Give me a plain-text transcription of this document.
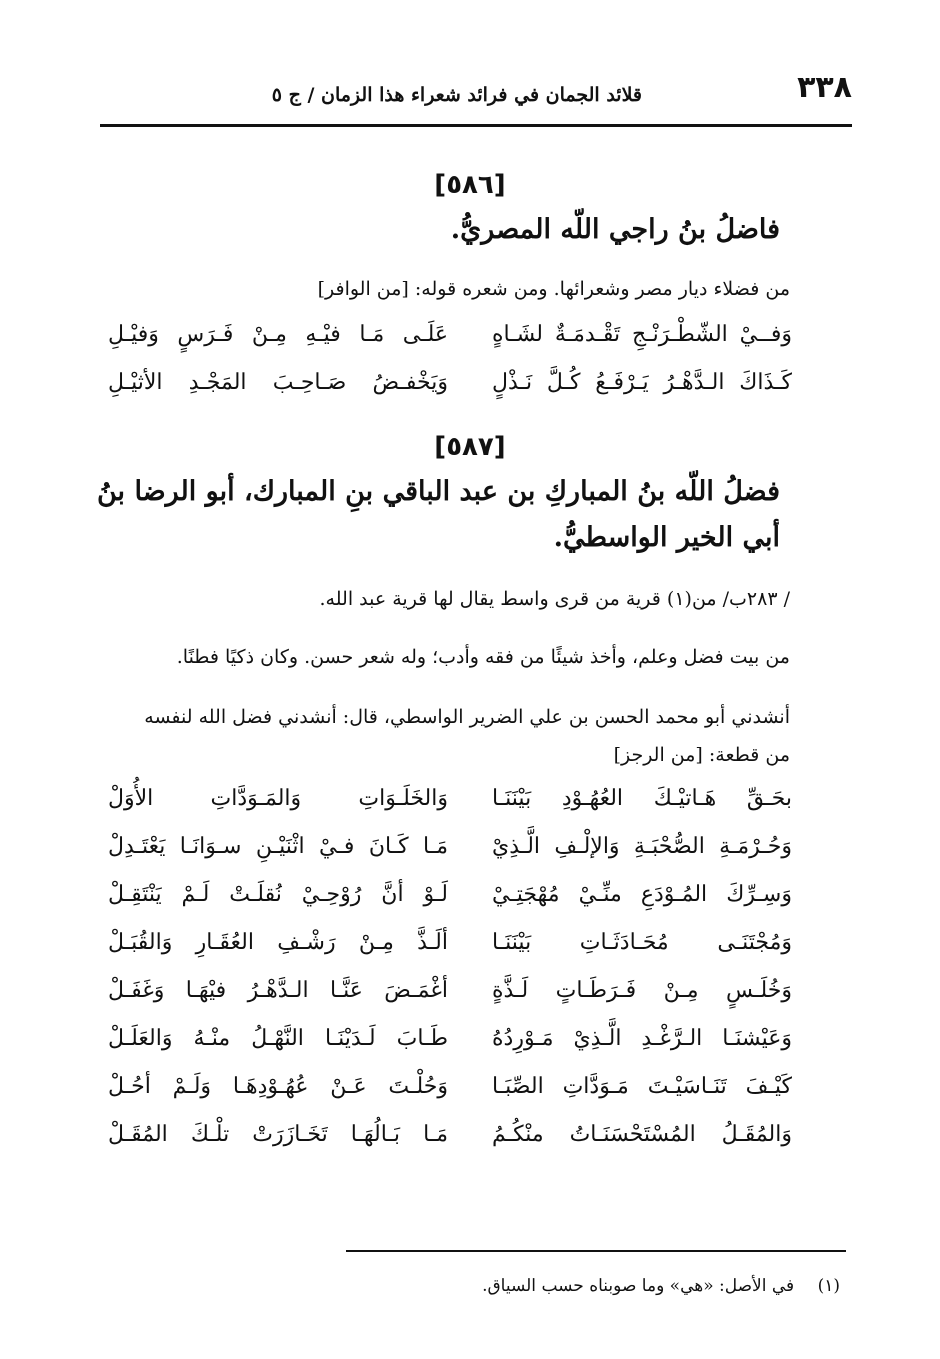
٣٣٨
قلائد الجمان في فرائد شعراء هذا الزمان / ج ٥
[٥٨٦]
فاضلُ بنُ راجي اللّه المصريُّ.
من فضلاء ديار مصر وشعرائها. ومن شعره قوله: [من الوافر]
وَفــيْ الشّطْـرَنْـجِ تَقْـدمَـةٌ لشَـاهٍ
عَلَـى مَـا فيْـهِ مِـنْ فَـرَسٍ وَفيْـلِ
كَـذَاكَ الـدَّهْـرُ يَـرْفَـعُ كُـلَّ نَـذْلٍ
وَيَخْفـضُ صَـاحِـبَ المَجْـدِ الأثيْـلِ
[٥٨٧]
فضلُ اللّه بنُ المباركِ بن عبد الباقي بنِ المبارك، أبو الرضا بنُ
أبي الخير الواسطيُّ.
/ ٢٨٣ب/ من(١) قرية من قرى واسط يقال لها قرية عبد الله.
من بيت فضل وعلم، وأخذ شيئًا من فقه وأدب؛ وله شعر حسن. وكان ذكيًا فطنًا.
أنشدني أبو محمد الحسن بن علي الضرير الواسطي، قال: أنشدني فضل الله لنفسه
من قطعة: [من الرجز]
بحَـقِّ هَـاتيْـكَ العُهُـوْدِ بَيْنَنَـا
وَالخَلَـوَاتِ وَالمَـوَدَّاتِ الأُوَلْ
وَحُـرْمَـةِ الصُّحْبَـةِ وَالإلْـفِ الَّـذِيْ
مَـا كَـانَ فـيْ اثْنَيْـنِ سـوَانَـا يَعْتَـدِلْ
وَسِـرِّكَ المُـوْدَعِ منِّـيْ مُهْجَتِـيْ
لَـوْ أنَّ رُوْحِـيْ نُقلَـتْ لَـمْ يَنْتَقِـلْ
وَمُجْتَنَـى مُحَـادَثَـاتِ بَيْنَنَـا
ألَـذَّ مِـنْ رَشْـفِ العُقَـارِ وَالقُبَـلْ
وَخُلَـسٍ مِـنْ فَـرَطَـاتٍ لَـذَّةٍ
أغْمَـضَ عَنَّـا الـدَّهْـرُ فيْهَـا وَغَفَـلْ
وَعَيْشنَـا الـرَّغْـدِ الَّـذِيْ مَـوْرِدُهُ
طَـابَ لَـدَيْنَـا النَّهْـلُ منْـهُ وَالعَلَـلْ
كَيْـفَ تَنَـاسَيْـتَ مَـوَدَّاتِ الصِّبَـا
وَحُلْـتَ عَـنْ عُهُـوْدِهَـا وَلَـمْ أحُـلْ
وَالمُقَـلُ المُسْتَحْسَنَـاتُ منْكُـمُ
مَـا بَـالُهَـا تَخَـازَرَتْ تلْـكَ المُقَـلْ
(١) في الأصل: «هي» وما صوبناه حسب السياق.
